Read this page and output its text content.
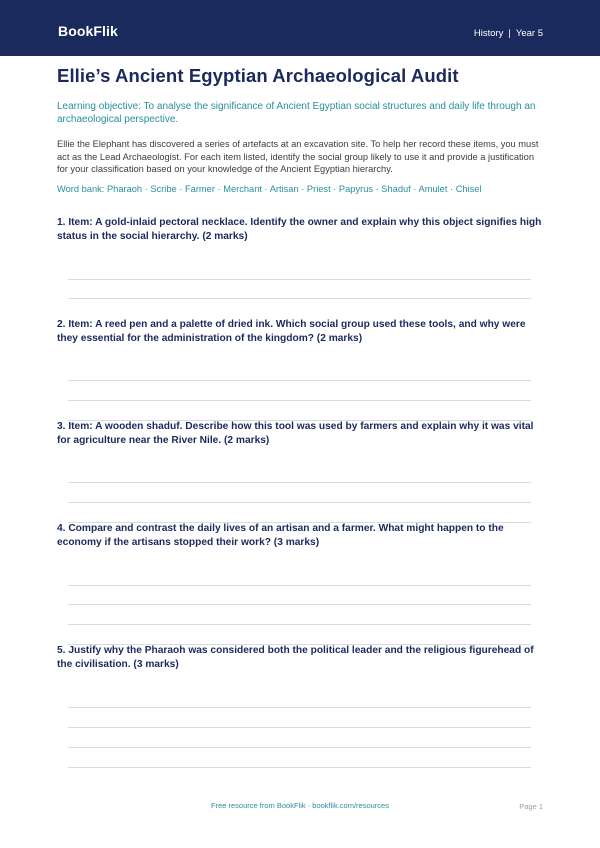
BookFlik	History | Year 5
Ellie’s Ancient Egyptian Archaeological Audit
Learning objective: To analyse the significance of Ancient Egyptian social structures and daily life through an archaeological perspective.
Ellie the Elephant has discovered a series of artefacts at an excavation site. To help her record these items, you must act as the Lead Archaeologist. For each item listed, identify the social group likely to use it and provide a justification for your classification based on your knowledge of the Ancient Egyptian hierarchy.
Word bank: Pharaoh · Scribe · Farmer · Merchant · Artisan · Priest · Papyrus · Shaduf · Amulet · Chisel
1. Item: A gold-inlaid pectoral necklace. Identify the owner and explain why this object signifies high status in the social hierarchy. (2 marks)
2. Item: A reed pen and a palette of dried ink. Which social group used these tools, and why were they essential for the administration of the kingdom? (2 marks)
3. Item: A wooden shaduf. Describe how this tool was used by farmers and explain why it was vital for agriculture near the River Nile. (2 marks)
4. Compare and contrast the daily lives of an artisan and a farmer. What might happen to the economy if the artisans stopped their work? (3 marks)
5. Justify why the Pharaoh was considered both the political leader and the religious figurehead of the civilisation. (3 marks)
Free resource from BookFlik · bookflik.com/resources	Page 1
